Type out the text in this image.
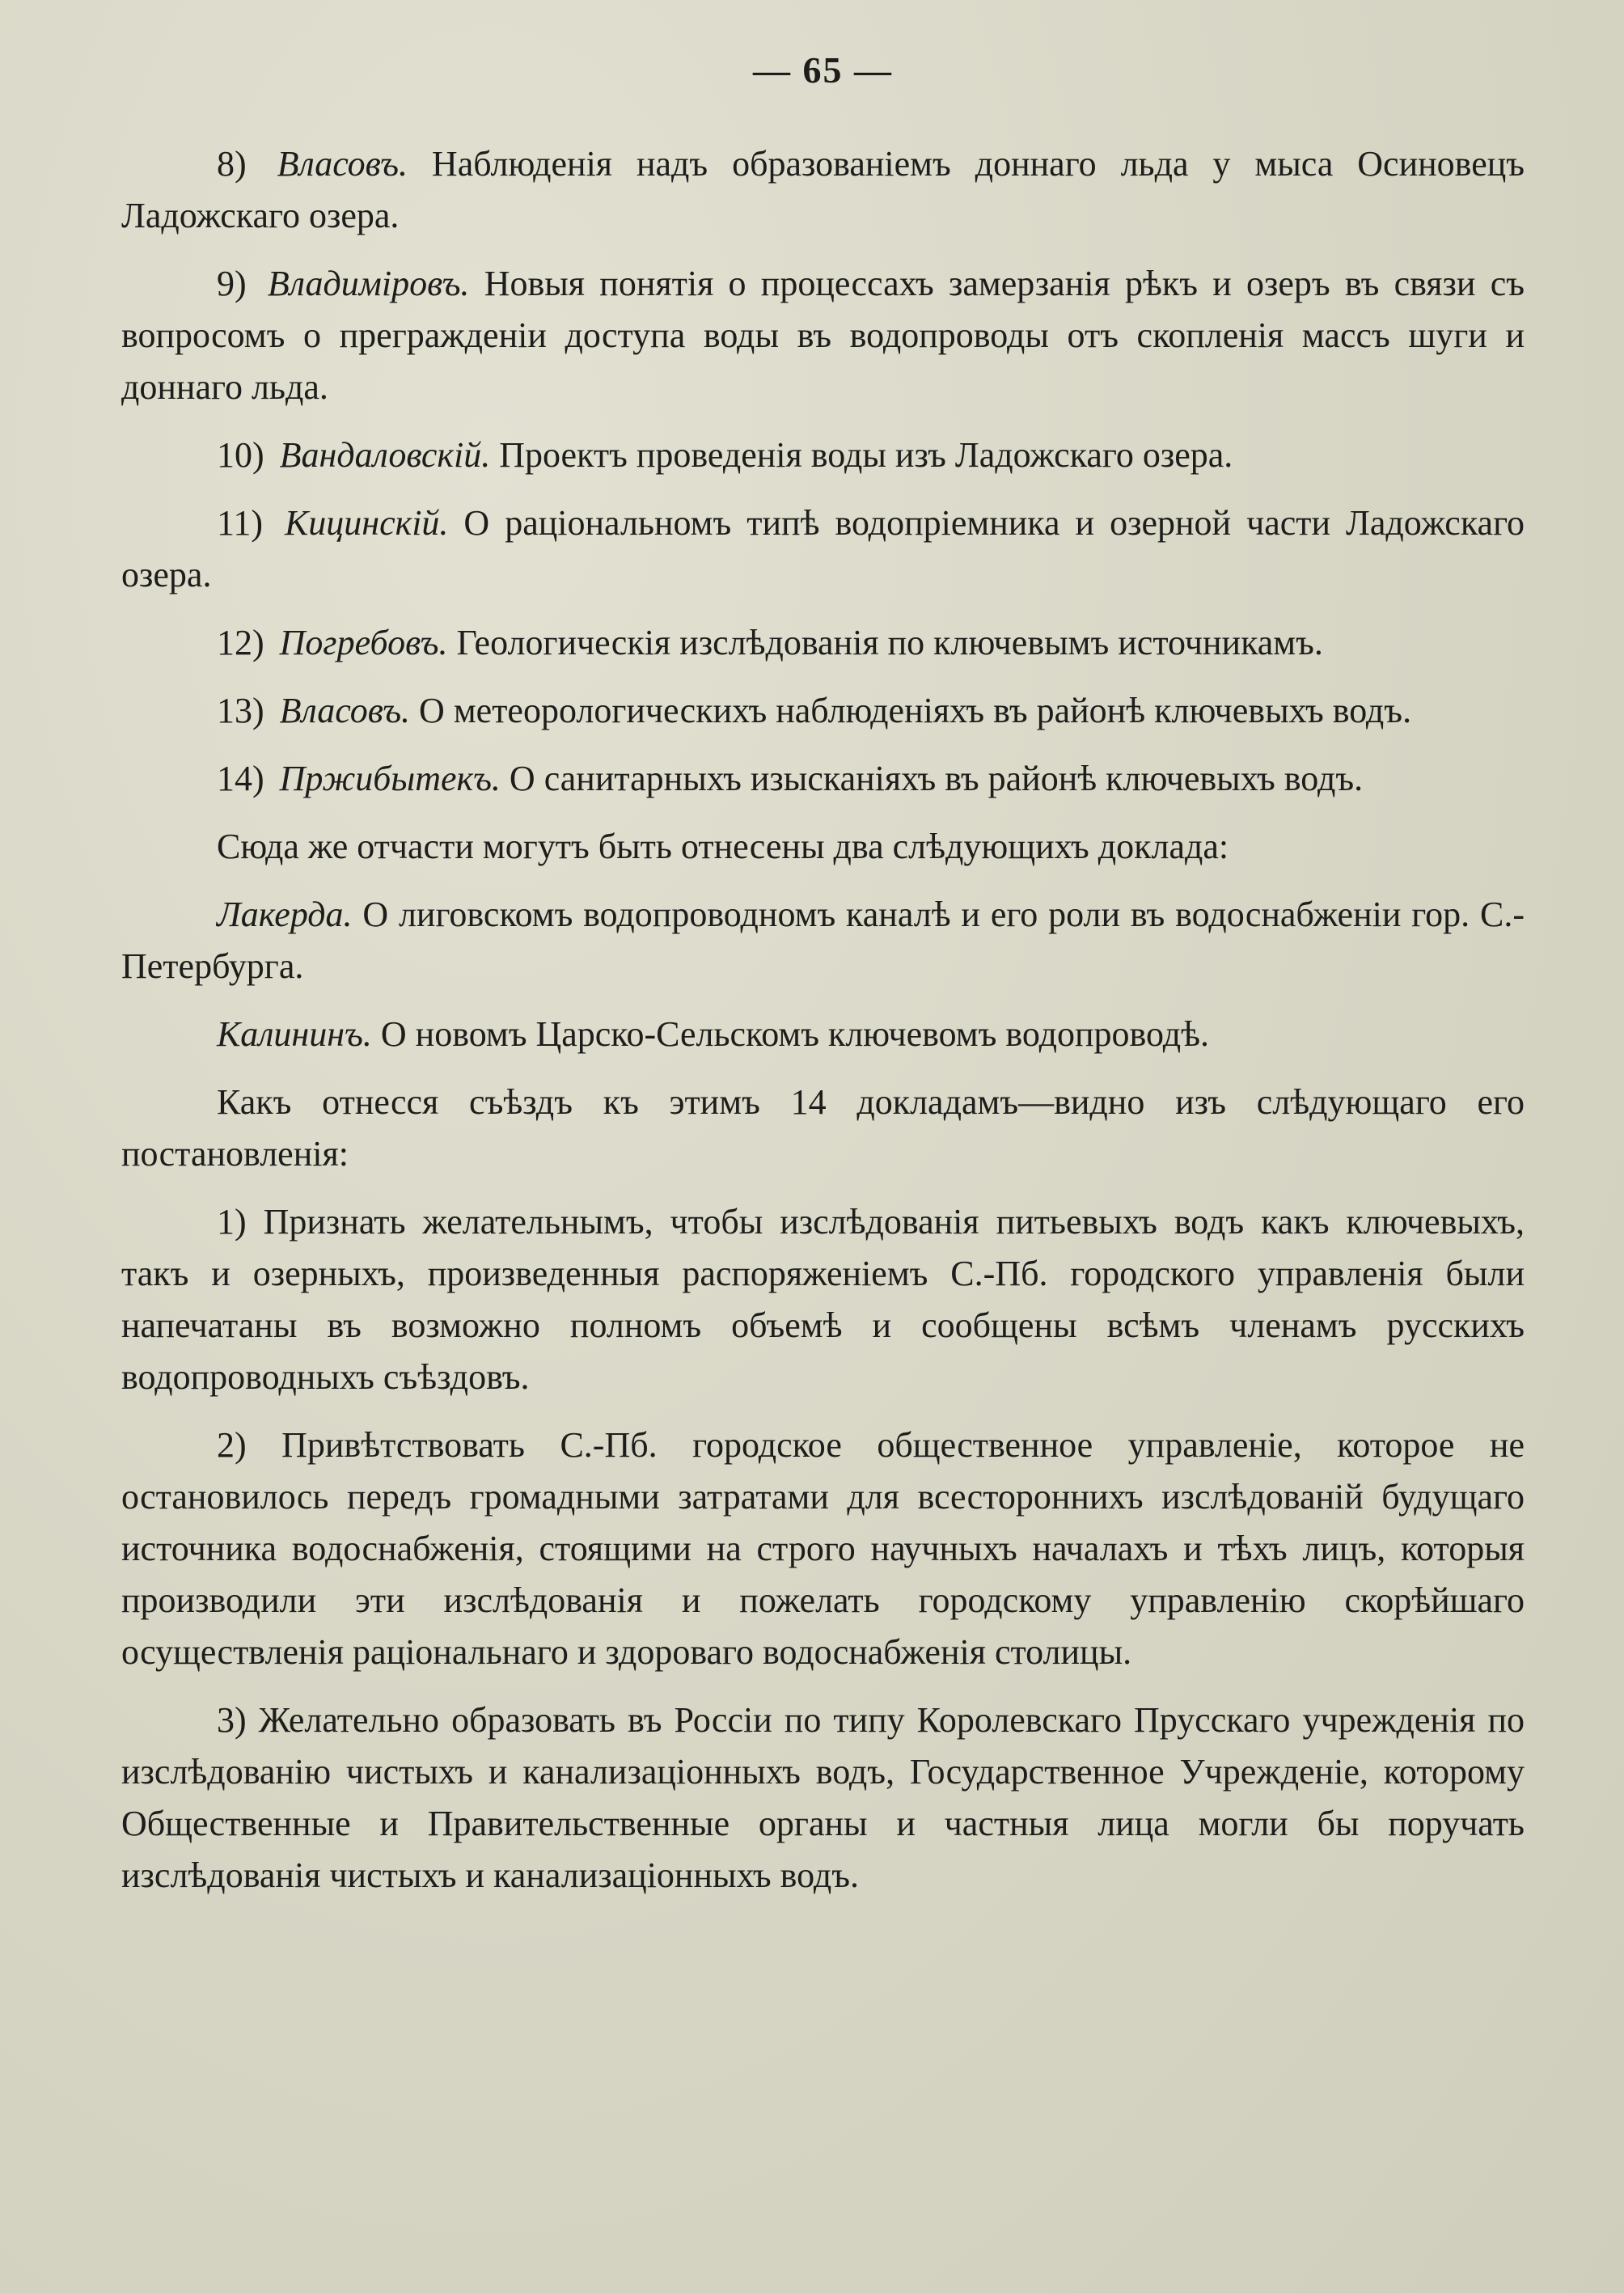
— 65 —

8) Власовъ. Наблюденія надъ образованіемъ доннаго льда у мыса Осиновецъ Ладожскаго озера.

9) Владиміровъ. Новыя понятія о процессахъ замерзанія рѣкъ и озеръ въ связи съ вопросомъ о прегражденіи доступа воды въ водопроводы отъ скопленія массъ шуги и доннаго льда.

10) Вандаловскій. Проектъ проведенія воды изъ Ладожскаго озера.

11) Кицинскій. О раціональномъ типѣ водопріемника и озерной части Ладожскаго озера.

12) Погребовъ. Геологическія изслѣдованія по ключевымъ источникамъ.

13) Власовъ. О метеорологическихъ наблюденіяхъ въ районѣ ключевыхъ водъ.

14) Пржибытекъ. О санитарныхъ изысканіяхъ въ районѣ ключевыхъ водъ.

Сюда же отчасти могутъ быть отнесены два слѣдующихъ доклада:

Лакерда. О лиговскомъ водопроводномъ каналѣ и его роли въ водоснабженіи гор. С.-Петербурга.

Калининъ. О новомъ Царско-Сельскомъ ключевомъ водопроводѣ.

Какъ отнесся съѣздъ къ этимъ 14 докладамъ—видно изъ слѣдующаго его постановленія:

1) Признать желательнымъ, чтобы изслѣдованія питьевыхъ водъ какъ ключевыхъ, такъ и озерныхъ, произведенныя распоряженіемъ С.-Пб. городского управленія были напечатаны въ возможно полномъ объемѣ и сообщены всѣмъ членамъ русскихъ водопроводныхъ съѣздовъ.

2) Привѣтствовать С.-Пб. городское общественное управленіе, которое не остановилось передъ громадными затратами для всестороннихъ изслѣдованій будущаго источника водоснабженія, стоящими на строго научныхъ началахъ и тѣхъ лицъ, которыя производили эти изслѣдованія и пожелать городскому управленію скорѣйшаго осуществленія раціональнаго и здороваго водоснабженія столицы.

3) Желательно образовать въ Россіи по типу Королевскаго Прусскаго учрежденія по изслѣдованію чистыхъ и канализаціонныхъ водъ, Государственное Учрежденіе, которому Общественные и Правительственные органы и частныя лица могли бы поручать изслѣдованія чистыхъ и канализаціонныхъ водъ.
